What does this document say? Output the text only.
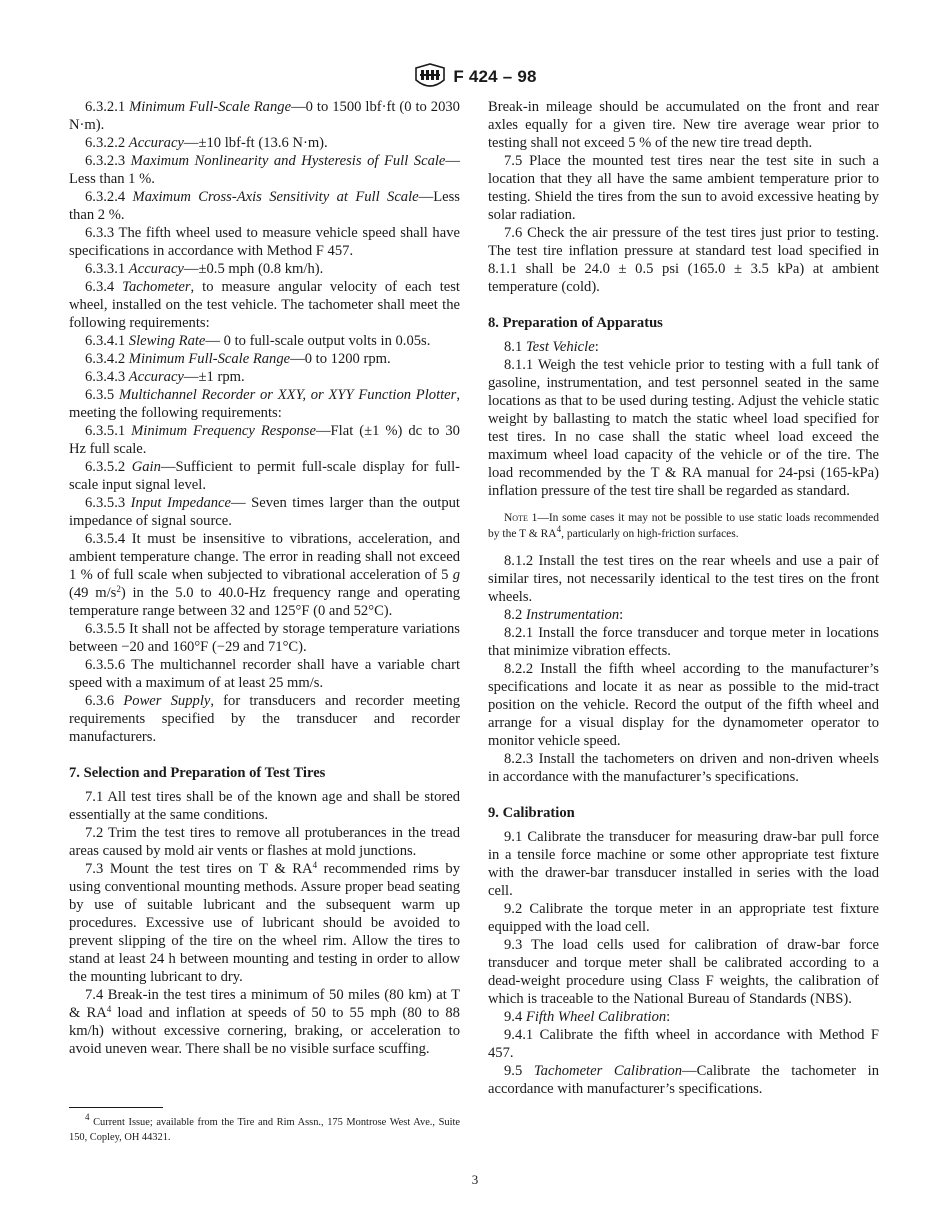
F 424 – 98

6.3.2.1 Minimum Full-Scale Range—0 to 1500 lbf·ft (0 to 2030 N·m).

6.3.2.2 Accuracy—±10 lbf-ft (13.6 N·m).

6.3.2.3 Maximum Nonlinearity and Hysteresis of Full Scale—Less than 1 %.

6.3.2.4 Maximum Cross-Axis Sensitivity at Full Scale—Less than 2 %.

6.3.3 The fifth wheel used to measure vehicle speed shall have specifications in accordance with Method F 457.

6.3.3.1 Accuracy—±0.5 mph (0.8 km/h).

6.3.4 Tachometer, to measure angular velocity of each test wheel, installed on the test vehicle. The tachometer shall meet the following requirements:

6.3.4.1 Slewing Rate— 0 to full-scale output volts in 0.05s.

6.3.4.2 Minimum Full-Scale Range—0 to 1200 rpm.

6.3.4.3 Accuracy—±1 rpm.

6.3.5 Multichannel Recorder or XXY, or XYY Function Plotter, meeting the following requirements:

6.3.5.1 Minimum Frequency Response—Flat (±1 %) dc to 30 Hz full scale.

6.3.5.2 Gain—Sufficient to permit full-scale display for full-scale input signal level.

6.3.5.3 Input Impedance— Seven times larger than the output impedance of signal source.

6.3.5.4 It must be insensitive to vibrations, acceleration, and ambient temperature change. The error in reading shall not exceed 1 % of full scale when subjected to vibrational acceleration of 5 g (49 $m/s^2$) in the 5.0 to 40.0-Hz frequency range and operating temperature range between 32 and 125°F (0 and 52°C).

6.3.5.5 It shall not be affected by storage temperature variations between −20 and 160°F (−29 and 71°C).

6.3.5.6 The multichannel recorder shall have a variable chart speed with a maximum of at least 25 mm/s.

6.3.6 Power Supply, for transducers and recorder meeting requirements specified by the transducer and recorder manufacturers.

7. Selection and Preparation of Test Tires

7.1 All test tires shall be of the known age and shall be stored essentially at the same conditions.

7.2 Trim the test tires to remove all protuberances in the tread areas caused by mold air vents or flashes at mold junctions.

7.3 Mount the test tires on T & $RA^4$ recommended rims by using conventional mounting methods. Assure proper bead seating by use of suitable lubricant and the subsequent warm up procedures. Excessive use of lubricant should be avoided to prevent slipping of the tire on the wheel rim. Allow the tires to stand at least 24 h between mounting and testing in order to allow the mounting lubricant to dry.

7.4 Break-in the test tires a minimum of 50 miles (80 km) at T & $RA^4$ load and inflation at speeds of 50 to 55 mph (80 to 88 km/h) without excessive cornering, braking, or acceleration to avoid uneven wear. There shall be no visible surface scuffing.

$^4$ Current Issue; available from the Tire and Rim Assn., 175 Montrose West Ave., Suite 150, Copley, OH 44321.

Break-in mileage should be accumulated on the front and rear axles equally for a given tire. New tire average wear prior to testing shall not exceed 5 % of the new tire tread depth.

7.5 Place the mounted test tires near the test site in such a location that they all have the same ambient temperature prior to testing. Shield the tires from the sun to avoid excessive heating by solar radiation.

7.6 Check the air pressure of the test tires just prior to testing. The test tire inflation pressure at standard test load specified in 8.1.1 shall be 24.0 ± 0.5 psi (165.0 ± 3.5 kPa) at ambient temperature (cold).

8. Preparation of Apparatus

8.1 Test Vehicle:

8.1.1 Weigh the test vehicle prior to testing with a full tank of gasoline, instrumentation, and test personnel seated in the same locations as that to be used during testing. Adjust the vehicle static weight by ballasting to match the static wheel load specified for test tires. In no case shall the static wheel load exceed the maximum wheel load capacity of the vehicle or of the tire. The load recommended by the T & RA manual for 24-psi (165-kPa) inflation pressure of the test tire shall be regarded as standard.

Note 1—In some cases it may not be possible to use static loads recommended by the T & $RA^4$, particularly on high-friction surfaces.

8.1.2 Install the test tires on the rear wheels and use a pair of similar tires, not necessarily identical to the test tires on the front wheels.

8.2 Instrumentation:

8.2.1 Install the force transducer and torque meter in locations that minimize vibration effects.

8.2.2 Install the fifth wheel according to the manufacturer’s specifications and locate it as near as possible to the mid-tract position on the vehicle. Record the output of the fifth wheel and arrange for a visual display for the dynamometer operator to monitor vehicle speed.

8.2.3 Install the tachometers on driven and non-driven wheels in accordance with the manufacturer’s specifications.

9. Calibration

9.1 Calibrate the transducer for measuring draw-bar pull force in a tensile force machine or some other appropriate test fixture with the drawer-bar transducer installed in series with the load cell.

9.2 Calibrate the torque meter in an appropriate test fixture equipped with the load cell.

9.3 The load cells used for calibration of draw-bar force transducer and torque meter shall be calibrated according to a dead-weight procedure using Class F weights, the calibration of which is traceable to the National Bureau of Standards (NBS).

9.4 Fifth Wheel Calibration:

9.4.1 Calibrate the fifth wheel in accordance with Method F 457.

9.5 Tachometer Calibration—Calibrate the tachometer in accordance with manufacturer’s specifications.

3
